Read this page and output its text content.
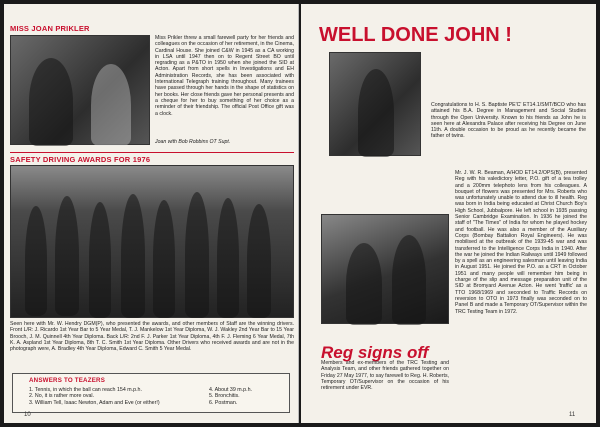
MISS JOAN PRIKLER
Miss Prikler threw a small farewell party for her friends and colleagues on the occasion of her retirement, in the Cinema, Cardinal House. She joined C&W in 1945 as a CA working in LSA until 1947 then on to Regent Street BO until regrading as a P&TO in 1950 when she joined the SID at Acton. Apart from short spells in Investigations and EH Administration Records, she has been associated with International Telegraph training throughout. Many trainees have passed through her hands in the shape of statistics on her books. Her close friends gave her personal presents and a cheque for her to buy something of her choice as a reminder of their friendship. The official Post Office gift was a clock.
Joan with Bob Robbins OT Supt.
SAFETY DRIVING AWARDS FOR 1976
Seen here with Mr. W. Hendry DGM(P), who presented the awards, and other members of Staff are the winning drivers. Front L/R: J. Ricardo 1st Year Bar to 5 Year Medal, T. J. Mankelow 1st Year Diploma, W. J. Wakley 2nd Year Bar to 15 Year Brooch, J. M. Quinnell 4th Year Diploma. Back L/R: 2nd F. J. Parker 1st Year Diploma, 4th F. J. Fleming 6 Year Medal, 7th K. A. Aspland 1st Year Diploma, 8th T. C. Smith 1st Year Diploma. Other Drivers who received awards and are not in the photograph were, A. Bradley 4th Year Diploma, Edward C. Smith 5 Year Medal.
ANSWERS TO TEAZERS
1. Tennis, in which the ball can reach 154 m.p.h.
2. No, it is rather more oval.
3. William Tell, Isaac Newton, Adam and Eve (or either!)
4. About 39 m.p.h.
5. Bronchitis.
6. Postman.
10
WELL DONE JOHN !
Congratulations to H. S. Baptiste PE'C' ET14.1/SMT/BCO who has attained his B.A. Degree in Management and Social Studies through the Open University. Known to his friends as John he is seen here at Alexandra Palace after receiving his Degree on June 11th. A double occasion to be proud as he recently became the father of twins.
Reg signs off
Members and ex-members of the TRC Testing and Analysis Team, and other friends gathered together on Friday 27 May 1977, to say farewell to Reg. H. Roberts, Temporary OT/Supervisor on the occasion of his retirement under EVR.
Mr. J. W. R. Beaman, A/HOD ET14.2/OPS(B), presented Reg with his valedictory letter, P.O. gift of a tea trolley and a 200mm telephoto lens from his colleagues. A bouquet of flowers was presented for Mrs. Roberts who was unfortunately unable to attend due to ill health. Reg was born in India being educated at Christ Church Boy's High School, Jubbalpore. He left school in 1935 passing Senior Cambridge Examination. In 1936 he joined the staff of "The Times" of India for whom he played hockey and football. He was also a member of the Auxiliary Corps (Bombay Battalion Royal Engineers). He was mobilised at the outbreak of the 1939-45 war and was transferred to the Intelligence Corps India in 1940. After the war he joined the Indian Railways until 1949 followed by a spell as an engineering salesman until leaving India in August 1951. He joined the P.O. as a CRT in October 1951 and many people will remember him being in charge of the slip and message preparation unit of the SID at Bromyard Avenue Acton. He went 'traffic' as a TTO 1968/1969 and seconded to Traffic Records on reversion to OTO in 1973 finally was seconded on to Panel B and made a Temporary OT/Supervisor within the TRC Testing Team in 1972.
11
